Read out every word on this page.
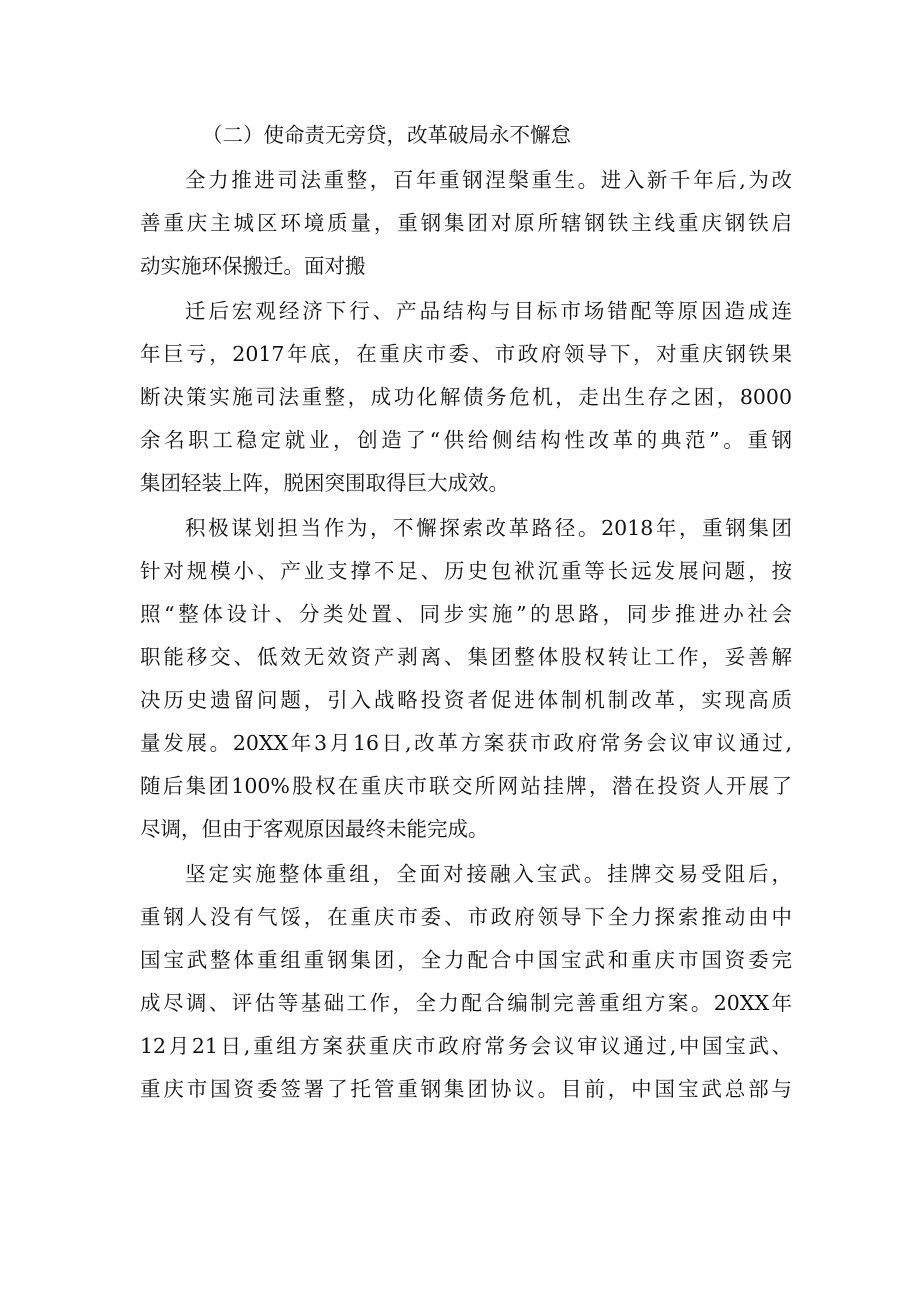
（二）使命责无旁贷，改革破局永不懈怠
全力推进司法重整，百年重钢涅槃重生。进入新千年后,为改
善重庆主城区环境质量，重钢集团对原所辖钢铁主线重庆钢铁启
动实施环保搬迁。面对搬
迁后宏观经济下行、产品结构与目标市场错配等原因造成连
年巨亏，2017年底，在重庆市委、市政府领导下，对重庆钢铁果
断决策实施司法重整，成功化解债务危机，走出生存之困，8000
余名职工稳定就业，创造了“供给侧结构性改革的典范”。重钢
集团轻装上阵，脱困突围取得巨大成效。
积极谋划担当作为，不懈探索改革路径。2018年，重钢集团
针对规模小、产业支撑不足、历史包袱沉重等长远发展问题，按
照“整体设计、分类处置、同步实施”的思路，同步推进办社会
职能移交、低效无效资产剥离、集团整体股权转让工作，妥善解
决历史遗留问题，引入战略投资者促进体制机制改革，实现高质
量发展。20XX年3月16日,改革方案获市政府常务会议审议通过,
随后集团100%股权在重庆市联交所网站挂牌，潜在投资人开展了
尽调，但由于客观原因最终未能完成。
坚定实施整体重组，全面对接融入宝武。挂牌交易受阻后，
重钢人没有气馁，在重庆市委、市政府领导下全力探索推动由中
国宝武整体重组重钢集团，全力配合中国宝武和重庆市国资委完
成尽调、评估等基础工作，全力配合编制完善重组方案。20XX年
12月21日,重组方案获重庆市政府常务会议审议通过,中国宝武、
重庆市国资委签署了托管重钢集团协议。目前，中国宝武总部与
